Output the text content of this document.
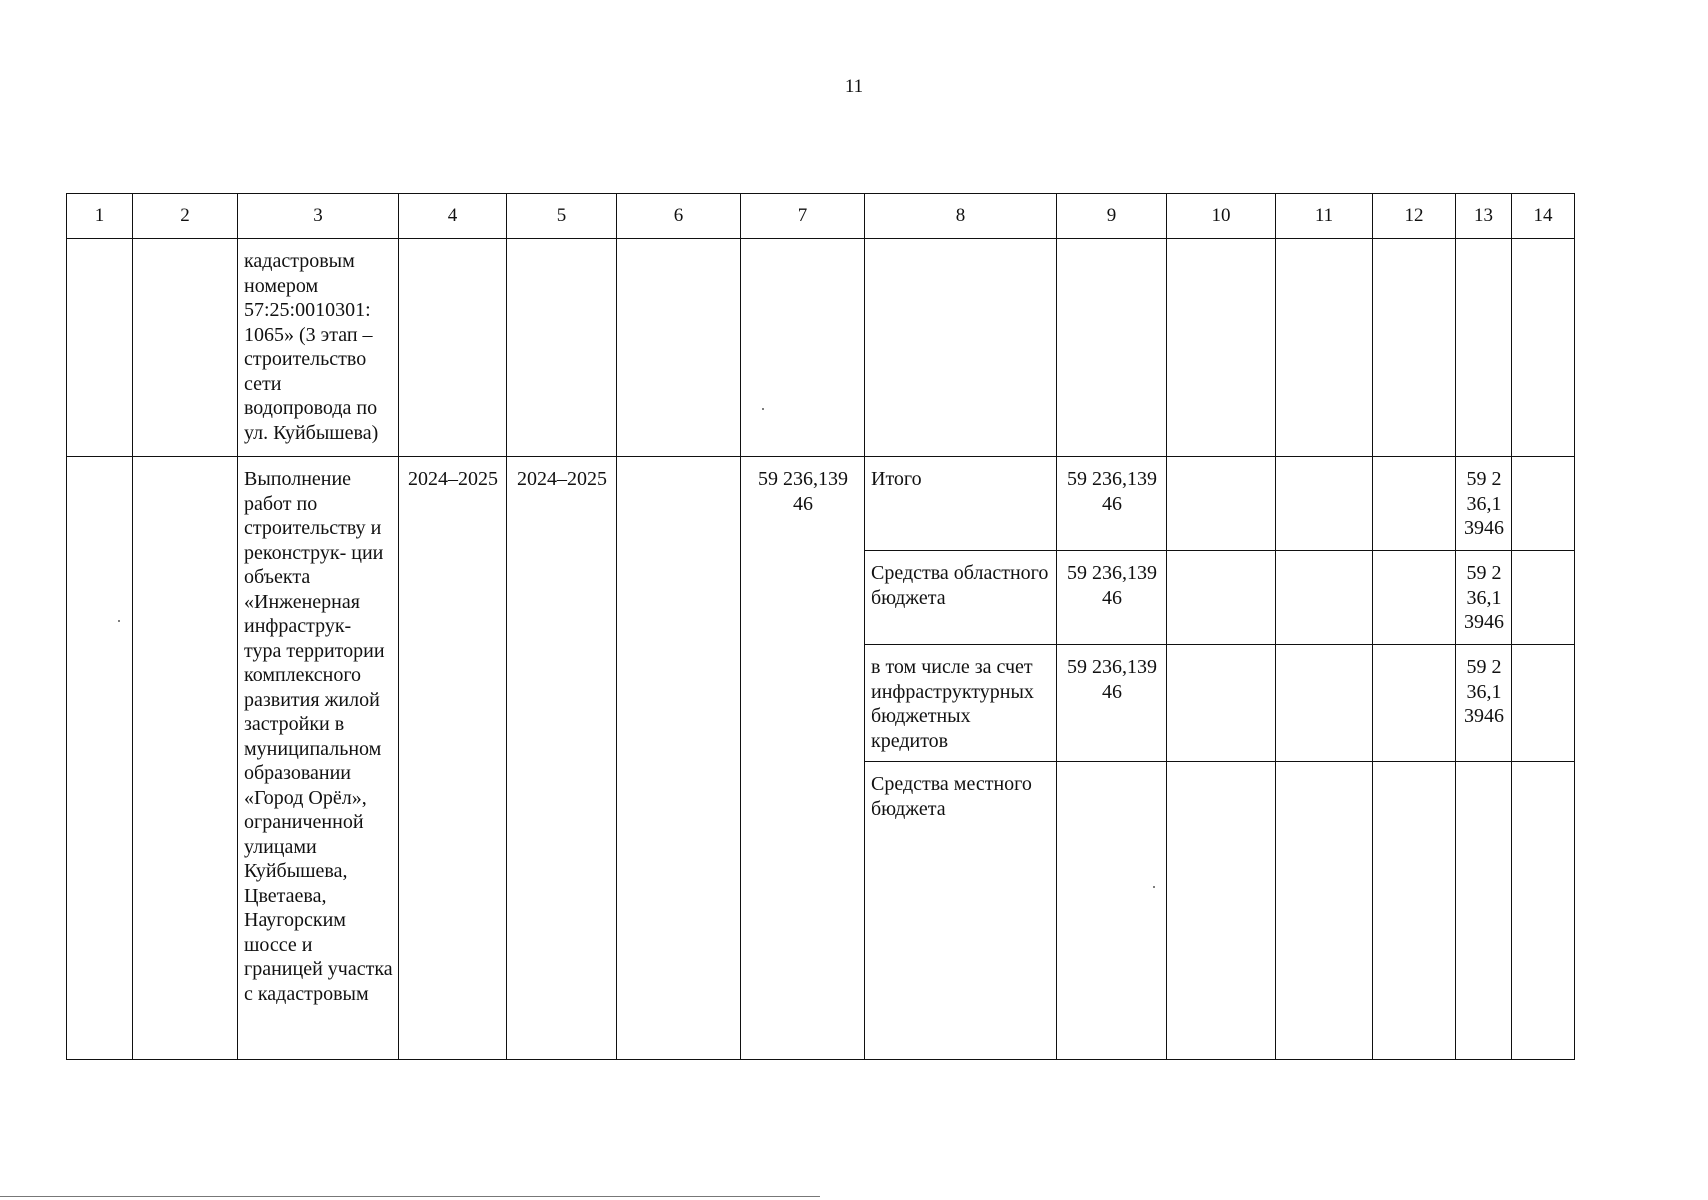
11
1	2	3	4	5	6	7	8	9	10	11	12	13	14
		кадастровым номером 57:25:0010301: 1065» (3 этап – строительство сети водопровода по ул. Куйбышева)											
		Выполнение работ по строительству и реконструк- ции объекта «Инженерная инфраструк- тура территории комплексного развития жилой застройки в муниципальном образовании «Город Орёл», ограниченной улицами Куйбышева, Цветаева, Наугорским шоссе и границей участка с кадастровым	2024–2025	2024–2025		59 236,139 46	Итого	59 236,139 46				59 2 36,1 3946	
							Средства областного бюджета	59 236,139 46				59 2 36,1 3946	
							в том числе за счет инфраструктурных бюджетных кредитов	59 236,139 46				59 2 36,1 3946	
							Средства местного бюджета						
